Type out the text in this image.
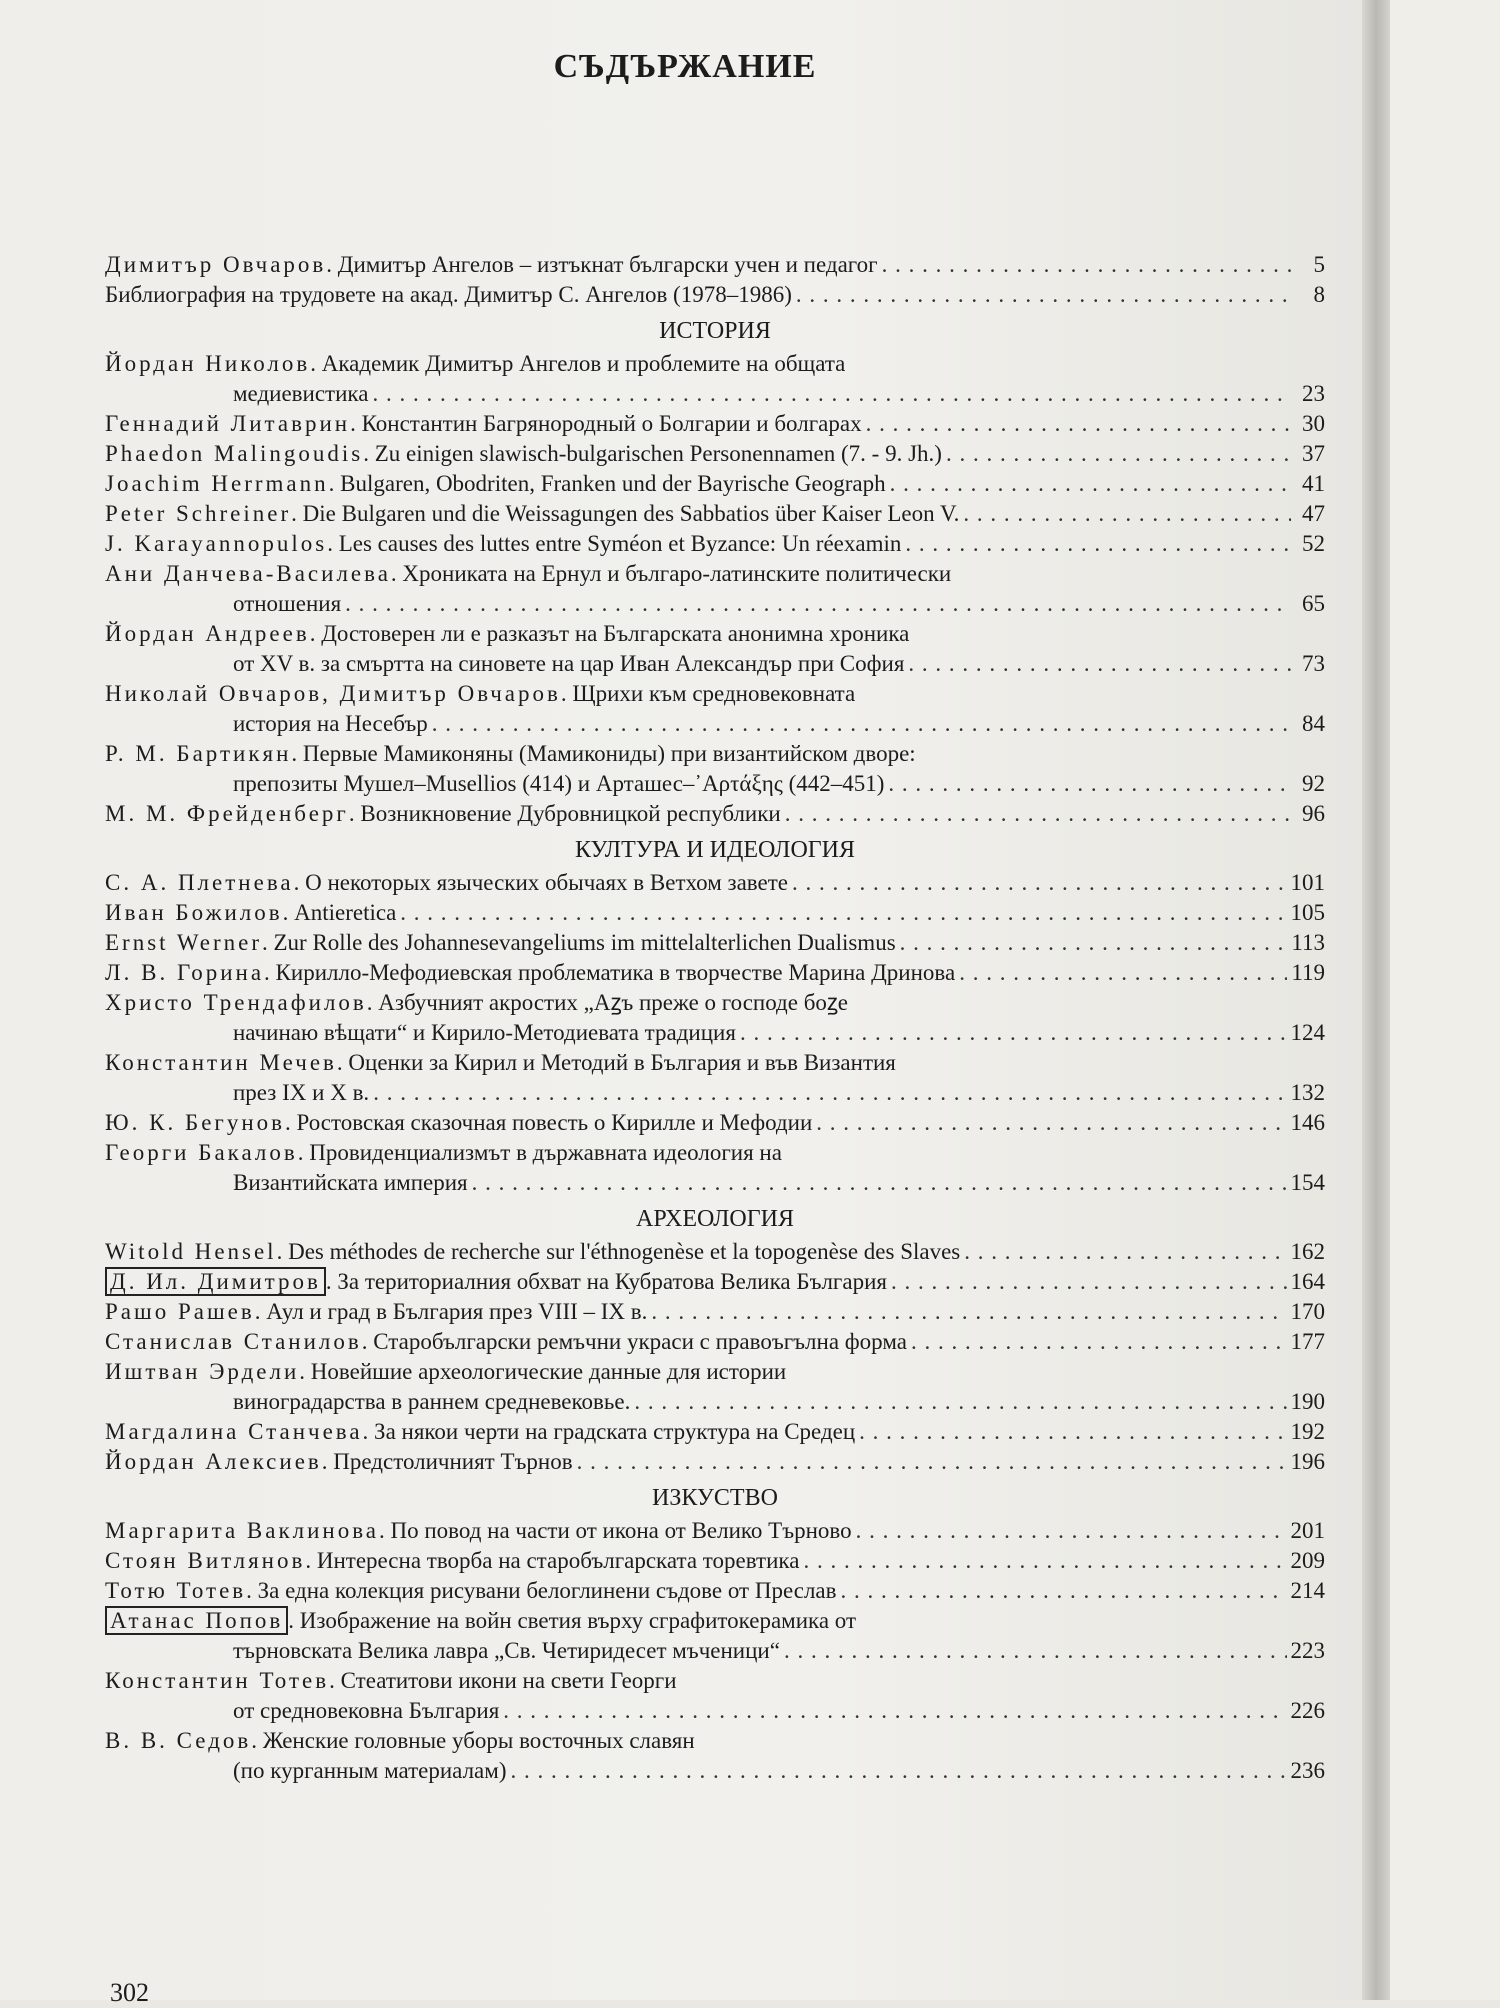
СЪДЪРЖАНИЕ
Димитър Овчаров. Димитър Ангелов – изтъкнат български учен и педагог . . .	5
Библиография на трудовете на акад. Димитър С. Ангелов (1978–1986) . . .	8
ИСТОРИЯ
Йордан Николов. Академик Димитър Ангелов и проблемите на общата
медиевистика . . .	23
Геннадий Литаврин. Константин Багрянородный о Болгарии и болгарах . . .	30
Phaedon Malingoudis. Zu einigen slawisch-bulgarischen Personennamen (7. - 9. Jh.) . . .	37
Joachim Herrmann. Bulgaren, Obodriten, Franken und der Bayrische Geograph . . .	41
Peter Schreiner. Die Bulgaren und die Weissagungen des Sabbatios über Kaiser Leon V. . . .	47
J. Karayannopulos. Les causes des luttes entre Syméon et Byzance: Un réexamin . . .	52
Ани Данчева-Василева. Хрониката на Ернул и българо-латинските политически
отношения . . .	65
Йордан Андреев. Достоверен ли е разказът на Българската анонимна хроника
от XV в. за смъртта на синовете на цар Иван Александър при София . . .	73
Николай Овчаров, Димитър Овчаров. Щрихи към средновековната
история на Несебър . . .	84
Р. М. Бартикян. Первые Мамиконяны (Мамикониды) при византийском дворе:
препозиты Мушел–Musellios (414) и Арташес–᾿Αρτάξης (442–451) . . .	92
М. М. Фрейденберг. Возникновение Дубровницкой республики . . .	96
КУЛТУРА И ИДЕОЛОГИЯ
С. А. Плетнева. О некоторых языческих обычаях в Ветхом завете . . .	101
Иван Божилов. Antieretica . . .	105
Ernst Werner. Zur Rolle des Johannesevangeliums im mittelalterlichen Dualismus . . .	113
Л. В. Горина. Кирилло-Мефодиевская проблематика в творчестве Марина Дринова . . .	119
Христо Трендафилов. Азбучният акростих „Аꙁъ преже о господе боꙁе
начинаю вѣщати“ и Кирило-Методиевата традиция . . .	124
Константин Мечев. Оценки за Кирил и Методий в България и във Византия
през IX и X в. . . .	132
Ю. К. Бегунов. Ростовская сказочная повесть о Кирилле и Мефодии . . .	146
Георги Бакалов. Провиденциализмът в държавната идеология на
Византийската империя . . .	154
АРХЕОЛОГИЯ
Witold Hensel. Des méthodes de recherche sur l'éthnogenèse et la topogenèse des Slaves . . .	162
Д. Ил. Димитров . За териториалния обхват на Кубратова Велика България . . .	164
Рашо Рашев. Аул и град в България през VIII – IX в. . . .	170
Станислав Станилов. Старобългарски ремъчни украси с правоъгълна форма . . .	177
Иштван Эрдели. Новейшие археологические данные для истории
виноградарства в раннем средневековье. . . .	190
Магдалина Станчева. За някои черти на градската структура на Средец . . .	192
Йордан Алексиев. Предстоличният Търнов . . .	196
ИЗКУСТВО
Маргарита Ваклинова. По повод на части от икона от Велико Търново . . .	201
Стоян Витлянов. Интересна творба на старобългарската торевтика . . .	209
Тотю Тотев. За една колекция рисувани белоглинени съдове от Преслав . . .	214
Атанас Попов . Изображение на войн светия върху сграфитокерамика от
търновската Велика лавра „Св. Четиридесет мъченици“ . . .	223
Константин Тотев. Стеатитови икони на свети Георги
от средновековна България . . .	226
В. В. Седов. Женские головные уборы восточных славян
(по курганным материалам) . . .	236
302
